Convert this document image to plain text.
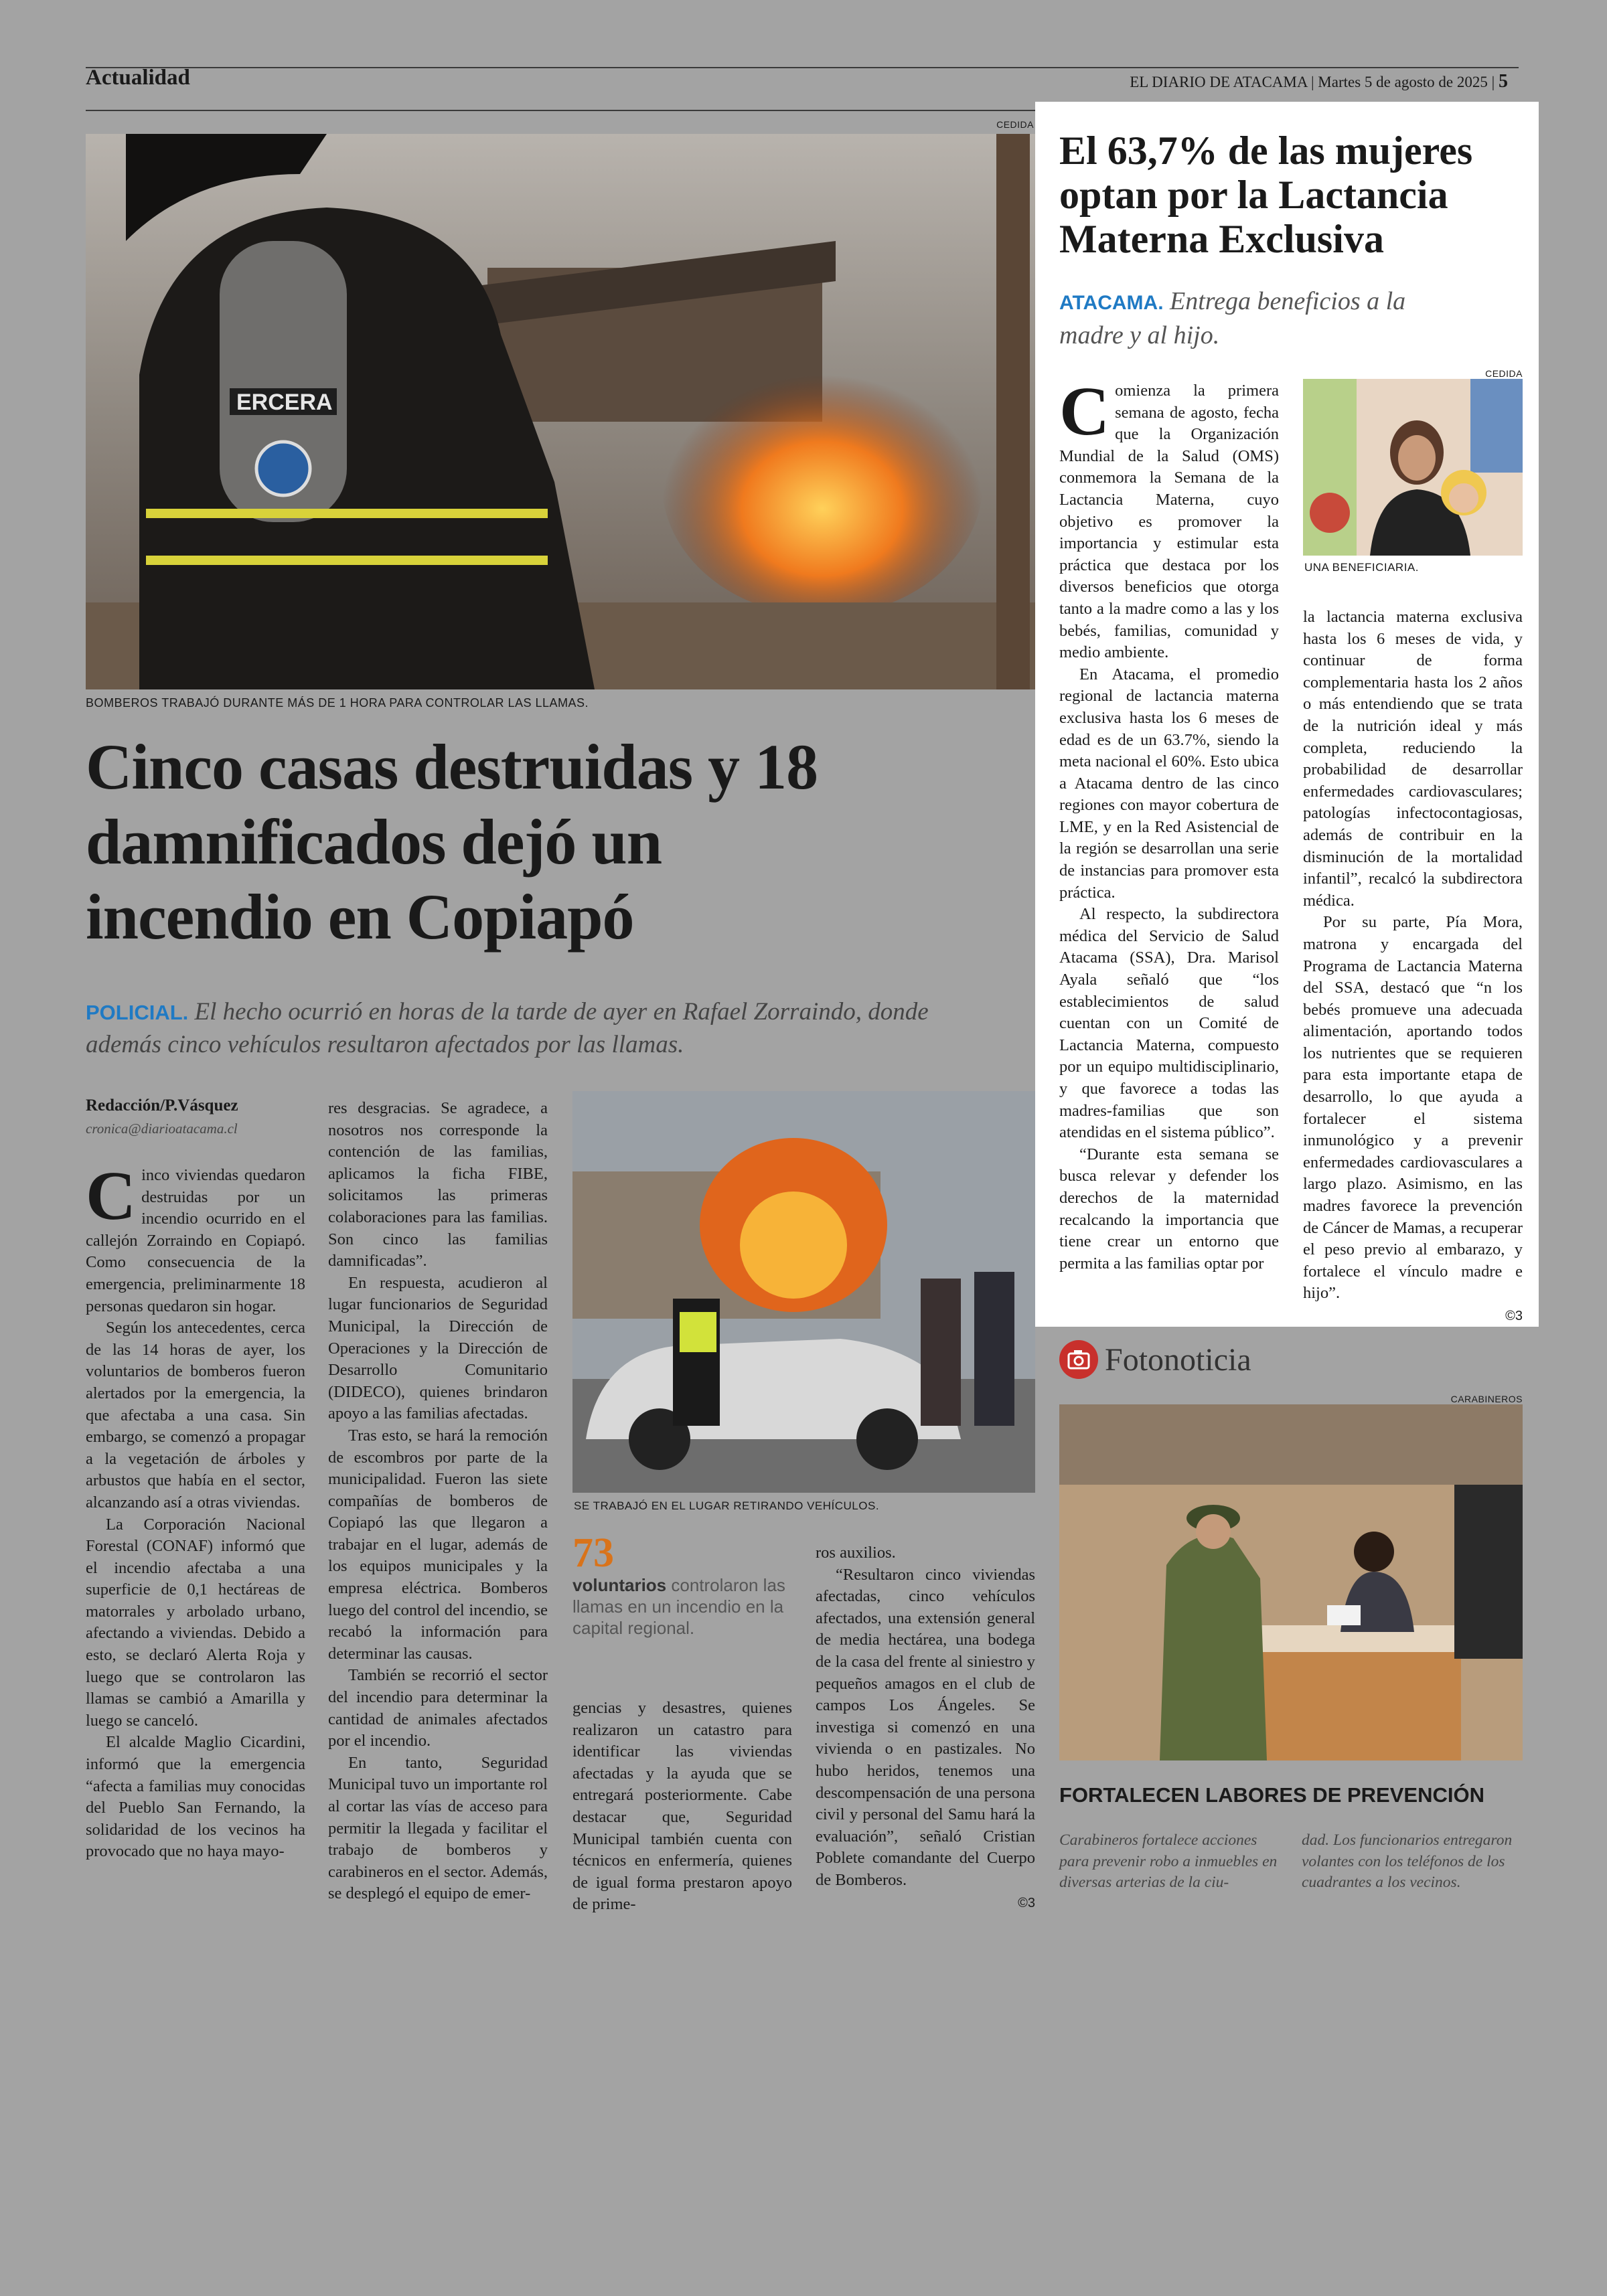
Actualidad	EL DIARIO DE ATACAMA | Martes 5 de agosto de 2025 | 5
CEDIDA
ERCERA
BOMBEROS TRABAJÓ DURANTE MÁS DE 1 HORA PARA CONTROLAR LAS LLAMAS.
Cinco casas destruidas y 18
damnificados dejó un
incendio en Copiapó
POLICIAL. El hecho ocurrió en horas de la tarde de ayer en Rafael Zorraindo, donde
además cinco vehículos resultaron afectados por las llamas.
Redacción/P.Vásquez
cronica@diarioatacama.cl

Cinco viviendas quedaron destruidas por un incendio ocurrido en el callejón Zorraindo en Copiapó. Como consecuencia de la emergencia, preliminarmente 18 personas quedaron sin hogar.

Según los antecedentes, cerca de las 14 horas de ayer, los voluntarios de bomberos fueron alertados por la emergencia, la que afectaba a una casa. Sin embargo, se comenzó a propagar a la vegetación de árboles y arbustos que había en el sector, alcanzando así a otras viviendas.

La Corporación Nacional Forestal (CONAF) informó que el incendio afectaba a una superficie de 0,1 hectáreas de matorrales y arbolado urbano, afectando a viviendas. Debido a esto, se declaró Alerta Roja y luego que se controlaron las llamas se cambió a Amarilla y luego se canceló.

El alcalde Maglio Cicardini, informó que la emergencia “afecta a familias muy conocidas del Pueblo San Fernando, la solidaridad de los vecinos ha provocado que no haya mayo-

res desgracias. Se agradece, a nosotros nos corresponde la contención de las familias, aplicamos la ficha FIBE, solicitamos las primeras colaboraciones para las familias. Son cinco las familias damnificadas”.

En respuesta, acudieron al lugar funcionarios de Seguridad Municipal, la Dirección de Operaciones y la Dirección de Desarrollo Comunitario (DIDECO), quienes brindaron apoyo a las familias afectadas.

Tras esto, se hará la remoción de escombros por parte de la municipalidad. Fueron las siete compañías de bomberos de Copiapó las que llegaron a trabajar en el lugar, además de los equipos municipales y la empresa eléctrica. Bomberos luego del control del incendio, se recabó la información para determinar las causas.

También se recorrió el sector del incendio para determinar la cantidad de animales afectados por el incendio.

En tanto, Seguridad Municipal tuvo un importante rol al cortar las vías de acceso para permitir la llegada y facilitar el trabajo de bomberos y carabineros en el sector. Además, se desplegó el equipo de emer-

SE TRABAJÓ EN EL LUGAR RETIRANDO VEHÍCULOS.
73
voluntarios controlaron las llamas en un incendio en la capital regional.

gencias y desastres, quienes realizaron un catastro para identificar las viviendas afectadas y la ayuda que se entregará posteriormente. Cabe destacar que, Seguridad Municipal también cuenta con técnicos en enfermería, quienes de igual forma prestaron apoyo de prime-

ros auxilios.

“Resultaron cinco viviendas afectadas, cinco vehículos afectados, una extensión general de media hectárea, una bodega de la casa del frente al siniestro y pequeños amagos en el club de campos Los Ángeles. Se investiga si comenzó en una vivienda o en pastizales. No hubo heridos, tenemos una descompensación de una persona civil y personal del Samu hará la evaluación”, señaló Cristian Poblete comandante del Cuerpo de Bomberos.

©3
El 63,7% de las mujeres
optan por la Lactancia
Materna Exclusiva
ATACAMA. Entrega beneficios a la
madre y al hijo.

Comienza la primera semana de agosto, fecha que la Organización Mundial de la Salud (OMS) conmemora la Semana de la Lactancia Materna, cuyo objetivo es promover la importancia y estimular esta práctica que destaca por los diversos beneficios que otorga tanto a la madre como a las y los bebés, familias, comunidad y medio ambiente.

En Atacama, el promedio regional de lactancia materna exclusiva hasta los 6 meses de edad es de un 63.7%, siendo la meta nacional el 60%. Esto ubica a Atacama dentro de las cinco regiones con mayor cobertura de LME, y en la Red Asistencial de la región se desarrollan una serie de instancias para promover esta práctica.

Al respecto, la subdirectora médica del Servicio de Salud Atacama (SSA), Dra. Marisol Ayala señaló que “los establecimientos de salud cuentan con un Comité de Lactancia Materna, compuesto por un equipo multidisciplinario, y que favorece a todas las madres-familias que son atendidas en el sistema público”.

“Durante esta semana se busca relevar y defender los derechos de la maternidad recalcando la importancia que tiene crear un entorno que permita a las familias optar por

CEDIDA
UNA BENEFICIARIA.

la lactancia materna exclusiva hasta los 6 meses de vida, y continuar de forma complementaria hasta los 2 años o más entendiendo que se trata de la nutrición ideal y más completa, reduciendo la probabilidad de desarrollar enfermedades cardiovasculares; patologías infectocontagiosas, además de contribuir en la disminución de la mortalidad infantil”, recalcó la subdirectora médica.

Por su parte, Pía Mora, matrona y encargada del Programa de Lactancia Materna del SSA, destacó que “n los bebés promueve una adecuada alimentación, aportando todos los nutrientes que se requieren para esta importante etapa de desarrollo, lo que ayuda a fortalecer el sistema inmunológico y a prevenir enfermedades cardiovasculares a largo plazo. Asimismo, en las madres favorece la prevención de Cáncer de Mamas, a recuperar el peso previo al embarazo, y fortalece el vínculo madre e hijo”.

©3
Fotonoticia
CARABINEROS
FORTALECEN LABORES DE PREVENCIÓN

Carabineros fortalece acciones para prevenir robo a inmuebles en diversas arterias de la ciu-

dad. Los funcionarios entregaron volantes con los teléfonos de los cuadrantes a los vecinos.
